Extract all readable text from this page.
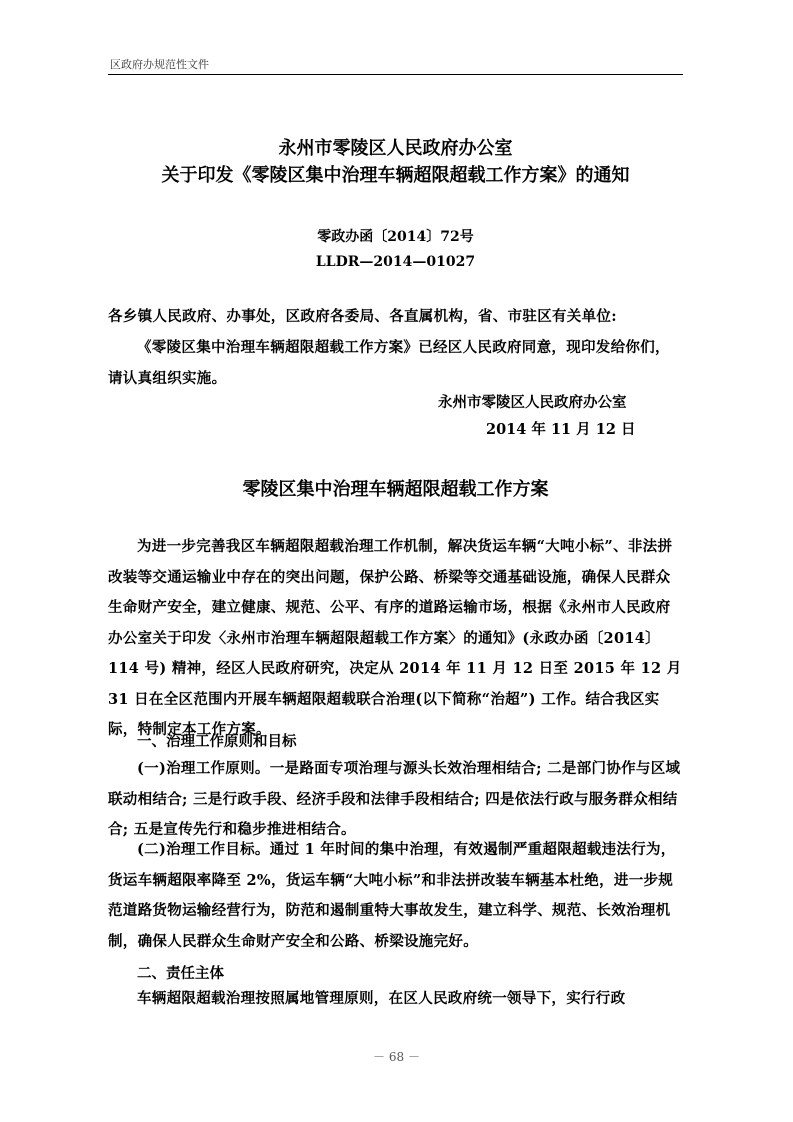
区政府办规范性文件
永州市零陵区人民政府办公室
关于印发《零陵区集中治理车辆超限超载工作方案》的通知
零政办函〔2014〕72号
LLDR—2014—01027
各乡镇人民政府、办事处，区政府各委局、各直属机构，省、市驻区有关单位:
《零陵区集中治理车辆超限超载工作方案》已经区人民政府同意，现印发给你们，请认真组织实施。
永州市零陵区人民政府办公室
2014 年 11 月 12 日
零陵区集中治理车辆超限超载工作方案
为进一步完善我区车辆超限超载治理工作机制，解决货运车辆“大吨小标”、非法拼改装等交通运输业中存在的突出问题，保护公路、桥梁等交通基础设施，确保人民群众生命财产安全，建立健康、规范、公平、有序的道路运输市场，根据《永州市人民政府办公室关于印发〈永州市治理车辆超限超载工作方案〉的通知》(永政办函〔2014〕114 号) 精神，经区人民政府研究，决定从 2014 年 11 月 12 日至 2015 年 12 月 31 日在全区范围内开展车辆超限超载联合治理(以下简称“治超”) 工作。结合我区实际，特制定本工作方案。
一、治理工作原则和目标
(一)治理工作原则。一是路面专项治理与源头长效治理相结合; 二是部门协作与区域联动相结合; 三是行政手段、经济手段和法律手段相结合; 四是依法行政与服务群众相结合; 五是宣传先行和稳步推进相结合。
(二)治理工作目标。通过 1 年时间的集中治理，有效遏制严重超限超载违法行为，货运车辆超限率降至 2%，货运车辆“大吨小标”和非法拼改装车辆基本杜绝，进一步规范道路货物运输经营行为，防范和遏制重特大事故发生，建立科学、规范、长效治理机制，确保人民群众生命财产安全和公路、桥梁设施完好。
二、责任主体
车辆超限超载治理按照属地管理原则，在区人民政府统一领导下，实行行政
－ 68 －
